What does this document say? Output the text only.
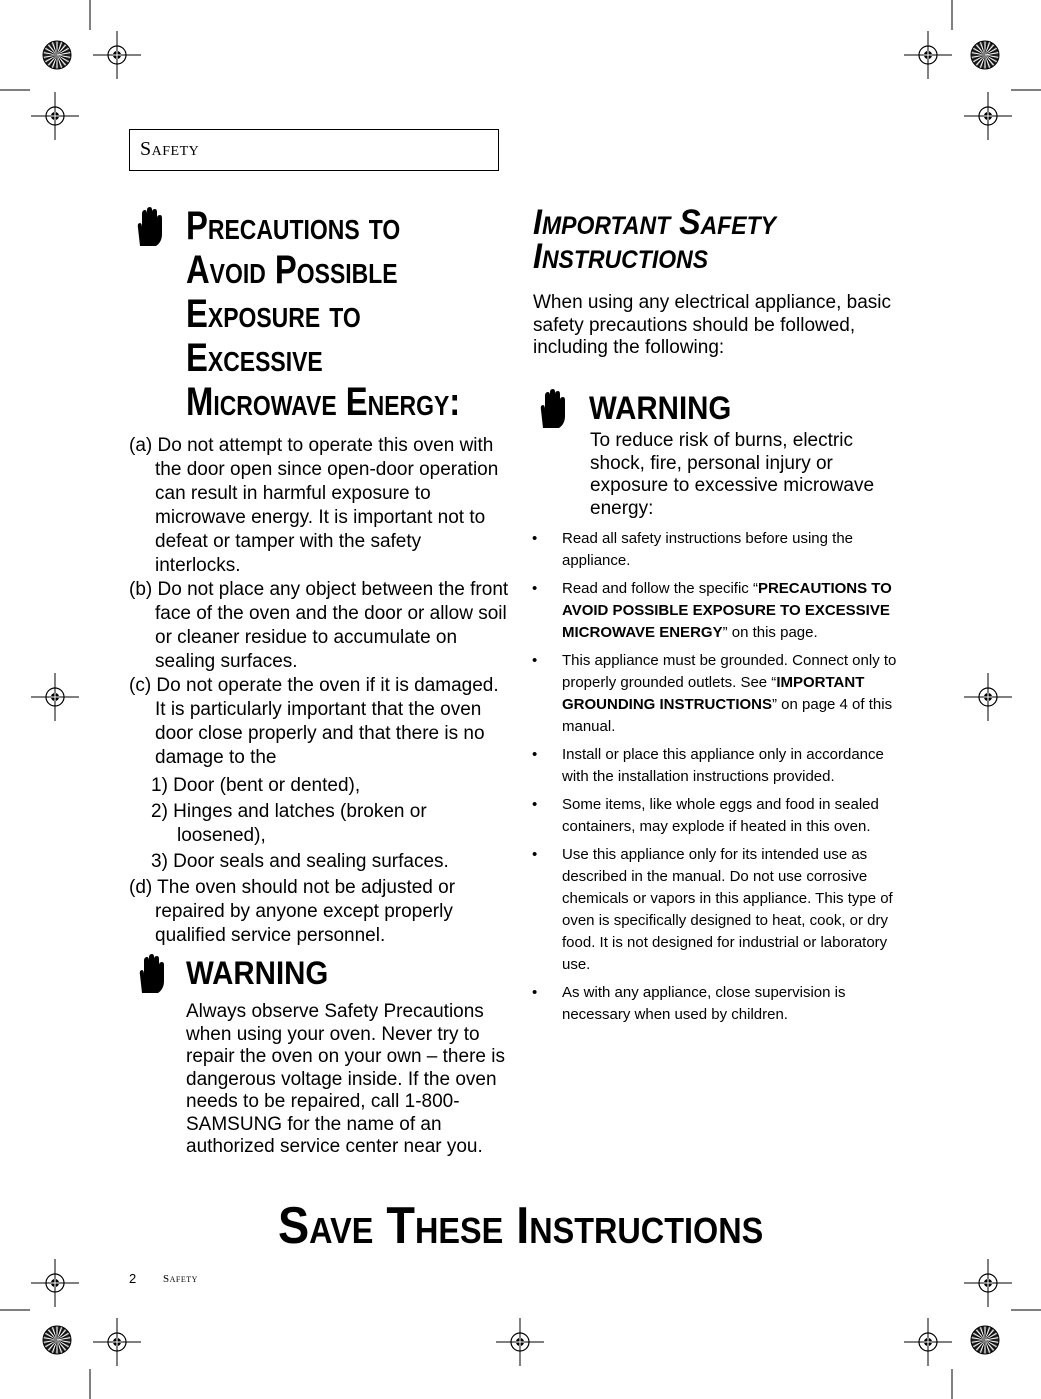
Safety
Precautions to
Avoid Possible
Exposure to
Excessive
Microwave Energy:

(a) Do not attempt to operate this oven with the door open since open-door operation can result in harmful exposure to microwave energy. It is important not to defeat or tamper with the safety interlocks.

(b) Do not place any object between the front face of the oven and the door or allow soil or cleaner residue to accumulate on sealing surfaces.

(c) Do not operate the oven if it is damaged. It is particularly important that the oven door close properly and that there is no damage to the

1) Door (bent or dented),

2) Hinges and latches (broken or loosened),

3) Door seals and sealing surfaces.

(d) The oven should not be adjusted or repaired by anyone except properly qualified service personnel.

WARNING
Always observe Safety Precautions when using your oven. Never try to repair the oven on your own – there is dangerous voltage inside. If the oven needs to be repaired, call 1-800-SAMSUNG for the name of an authorized service center near you.
Important Safety
Instructions
When using any electrical appliance, basic safety precautions should be followed, including the following:
WARNING
To reduce risk of burns, electric shock, fire, personal injury or exposure to excessive microwave energy:
• Read all safety instructions before using the appliance.
• Read and follow the specific “PRECAUTIONS TO AVOID POSSIBLE EXPOSURE TO EXCESSIVE MICROWAVE ENERGY” on this page.
• This appliance must be grounded. Connect only to properly grounded outlets. See “IMPORTANT GROUNDING INSTRUCTIONS” on page 4 of this manual.
• Install or place this appliance only in accordance with the installation instructions provided.
• Some items, like whole eggs and food in sealed containers, may explode if heated in this oven.
• Use this appliance only for its intended use as described in the manual. Do not use corrosive chemicals or vapors in this appliance. This type of oven is specifically designed to heat, cook, or dry food. It is not designed for industrial or laboratory use.
• As with any appliance, close supervision is necessary when used by children.
Save These Instructions
2 Safety
